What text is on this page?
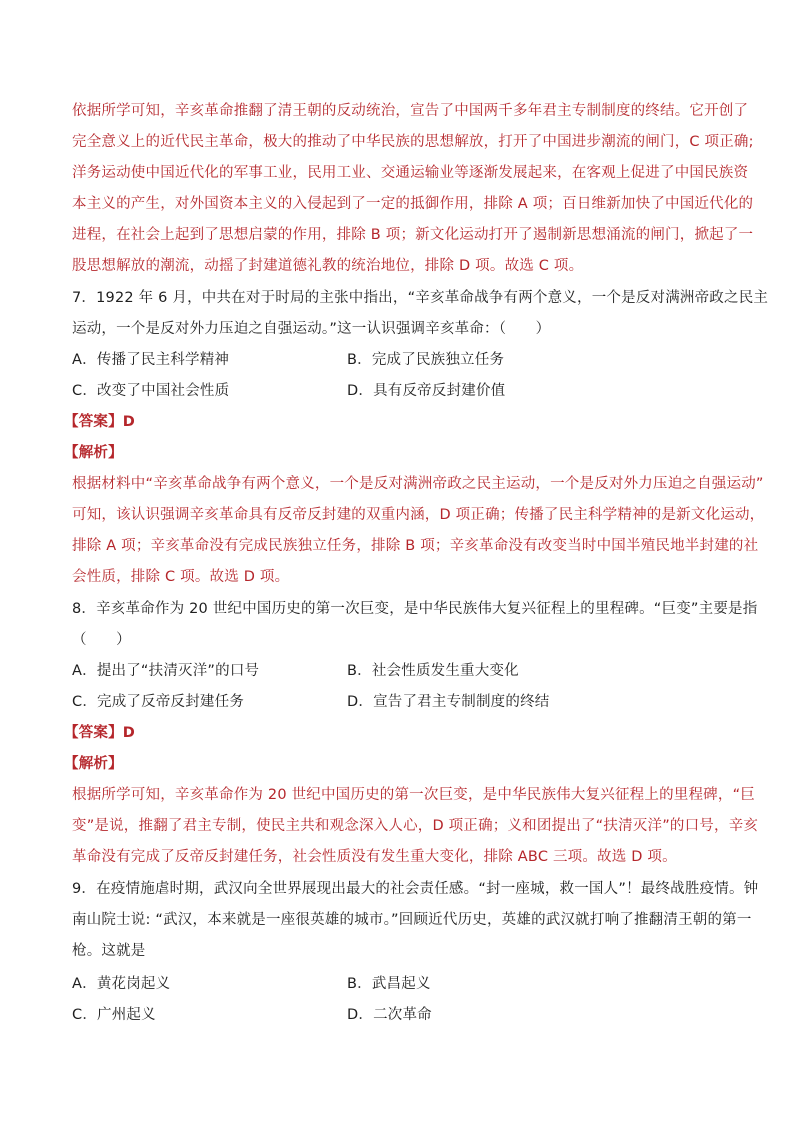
依据所学可知，辛亥革命推翻了清王朝的反动统治，宣告了中国两千多年君主专制制度的终结。它开创了
完全意义上的近代民主革命，极大的推动了中华民族的思想解放，打开了中国进步潮流的闸门，C 项正确;
洋务运动使中国近代化的军事工业，民用工业、交通运输业等逐渐发展起来，在客观上促进了中国民族资
本主义的产生，对外国资本主义的入侵起到了一定的抵御作用，排除 A 项；百日维新加快了中国近代化的
进程，在社会上起到了思想启蒙的作用，排除 B 项；新文化运动打开了遏制新思想涌流的闸门，掀起了一
股思想解放的潮流，动摇了封建道德礼教的统治地位，排除 D 项。故选 C 项。
7．1922 年 6 月，中共在对于时局的主张中指出，“辛亥革命战争有两个意义，一个是反对满洲帝政之民主
运动，一个是反对外力压迫之自强运动。”这一认识强调辛亥革命：（　　）
A．传播了民主科学精神	B．完成了民族独立任务
C．改变了中国社会性质	D．具有反帝反封建价值
【答案】D
【解析】
根据材料中“辛亥革命战争有两个意义，一个是反对满洲帝政之民主运动，一个是反对外力压迫之自强运动”
可知，该认识强调辛亥革命具有反帝反封建的双重内涵，D 项正确；传播了民主科学精神的是新文化运动，
排除 A 项；辛亥革命没有完成民族独立任务，排除 B 项；辛亥革命没有改变当时中国半殖民地半封建的社
会性质，排除 C 项。故选 D 项。
8．辛亥革命作为 20 世纪中国历史的第一次巨变，是中华民族伟大复兴征程上的里程碑。“巨变”主要是指
（　　）
A．提出了“扶清灭洋”的口号	B．社会性质发生重大变化
C．完成了反帝反封建任务	D．宣告了君主专制制度的终结
【答案】D
【解析】
根据所学可知，辛亥革命作为 20 世纪中国历史的第一次巨变，是中华民族伟大复兴征程上的里程碑，“巨
变”是说，推翻了君主专制，使民主共和观念深入人心，D 项正确；义和团提出了“扶清灭洋”的口号，辛亥
革命没有完成了反帝反封建任务，社会性质没有发生重大变化，排除 ABC 三项。故选 D 项。
9．在疫情施虐时期，武汉向全世界展现出最大的社会责任感。“封一座城，救一国人”！最终战胜疫情。钟
南山院士说: “武汉，本来就是一座很英雄的城市。”回顾近代历史，英雄的武汉就打响了推翻清王朝的第一
枪。这就是
A．黄花岗起义	B．武昌起义
C．广州起义	D．二次革命
